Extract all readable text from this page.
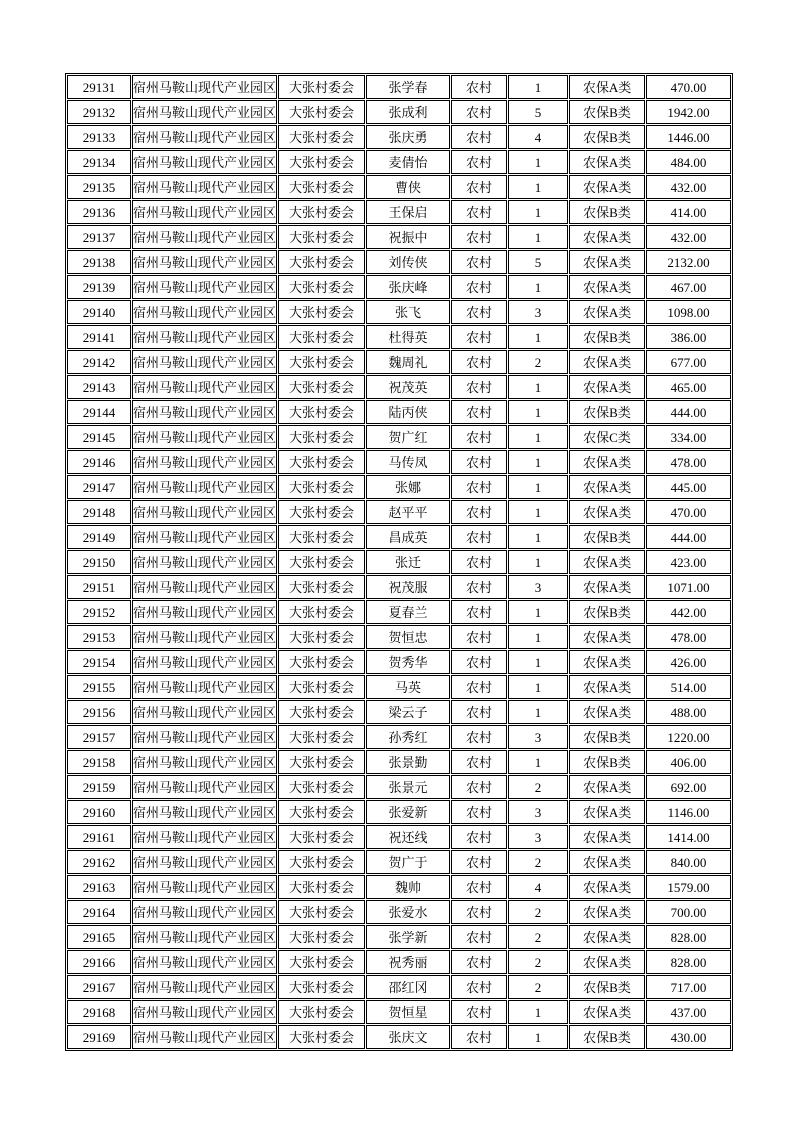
29131	宿州马鞍山现代产业园区	大张村委会	张学春	农村	1	农保A类	470.00
29132	宿州马鞍山现代产业园区	大张村委会	张成利	农村	5	农保B类	1942.00
29133	宿州马鞍山现代产业园区	大张村委会	张庆勇	农村	4	农保B类	1446.00
29134	宿州马鞍山现代产业园区	大张村委会	麦倩怡	农村	1	农保A类	484.00
29135	宿州马鞍山现代产业园区	大张村委会	曹侠	农村	1	农保A类	432.00
29136	宿州马鞍山现代产业园区	大张村委会	王保启	农村	1	农保B类	414.00
29137	宿州马鞍山现代产业园区	大张村委会	祝振中	农村	1	农保A类	432.00
29138	宿州马鞍山现代产业园区	大张村委会	刘传侠	农村	5	农保A类	2132.00
29139	宿州马鞍山现代产业园区	大张村委会	张庆峰	农村	1	农保A类	467.00
29140	宿州马鞍山现代产业园区	大张村委会	张飞	农村	3	农保A类	1098.00
29141	宿州马鞍山现代产业园区	大张村委会	杜得英	农村	1	农保B类	386.00
29142	宿州马鞍山现代产业园区	大张村委会	魏周礼	农村	2	农保A类	677.00
29143	宿州马鞍山现代产业园区	大张村委会	祝茂英	农村	1	农保A类	465.00
29144	宿州马鞍山现代产业园区	大张村委会	陆丙侠	农村	1	农保B类	444.00
29145	宿州马鞍山现代产业园区	大张村委会	贺广红	农村	1	农保C类	334.00
29146	宿州马鞍山现代产业园区	大张村委会	马传凤	农村	1	农保A类	478.00
29147	宿州马鞍山现代产业园区	大张村委会	张娜	农村	1	农保A类	445.00
29148	宿州马鞍山现代产业园区	大张村委会	赵平平	农村	1	农保A类	470.00
29149	宿州马鞍山现代产业园区	大张村委会	昌成英	农村	1	农保B类	444.00
29150	宿州马鞍山现代产业园区	大张村委会	张迁	农村	1	农保A类	423.00
29151	宿州马鞍山现代产业园区	大张村委会	祝茂服	农村	3	农保A类	1071.00
29152	宿州马鞍山现代产业园区	大张村委会	夏春兰	农村	1	农保B类	442.00
29153	宿州马鞍山现代产业园区	大张村委会	贺恒忠	农村	1	农保A类	478.00
29154	宿州马鞍山现代产业园区	大张村委会	贺秀华	农村	1	农保A类	426.00
29155	宿州马鞍山现代产业园区	大张村委会	马英	农村	1	农保A类	514.00
29156	宿州马鞍山现代产业园区	大张村委会	梁云子	农村	1	农保A类	488.00
29157	宿州马鞍山现代产业园区	大张村委会	孙秀红	农村	3	农保B类	1220.00
29158	宿州马鞍山现代产业园区	大张村委会	张景勤	农村	1	农保B类	406.00
29159	宿州马鞍山现代产业园区	大张村委会	张景元	农村	2	农保A类	692.00
29160	宿州马鞍山现代产业园区	大张村委会	张爱新	农村	3	农保A类	1146.00
29161	宿州马鞍山现代产业园区	大张村委会	祝还线	农村	3	农保A类	1414.00
29162	宿州马鞍山现代产业园区	大张村委会	贺广于	农村	2	农保A类	840.00
29163	宿州马鞍山现代产业园区	大张村委会	魏帅	农村	4	农保A类	1579.00
29164	宿州马鞍山现代产业园区	大张村委会	张爱水	农村	2	农保A类	700.00
29165	宿州马鞍山现代产业园区	大张村委会	张学新	农村	2	农保A类	828.00
29166	宿州马鞍山现代产业园区	大张村委会	祝秀丽	农村	2	农保A类	828.00
29167	宿州马鞍山现代产业园区	大张村委会	邵红冈	农村	2	农保B类	717.00
29168	宿州马鞍山现代产业园区	大张村委会	贺恒星	农村	1	农保A类	437.00
29169	宿州马鞍山现代产业园区	大张村委会	张庆文	农村	1	农保B类	430.00
